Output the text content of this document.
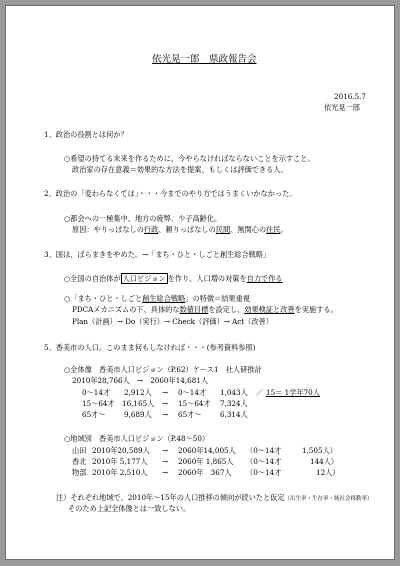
依光晃一郎　県政報告会
2016.5.7
依光晃一郎
1、政治の役割とは何か？
○希望の持てる未来を作るために、今やらなければならないことを示すこと。
政治家の存在意義＝効果的な方法を提案、もしくは評価できる人。
2、政治の「変わらなくては」・・・今までのやり方ではうまくいかなかった。
○都会への一極集中、地方の疲弊、少子高齢化。
原因：やりっぱなしの行政、頼りっぱなしの民間、無関心の住民。
3、国は、ばらまきをやめた。→「まち・ひと・しごと創生総合戦略」
○全国の自治体が 人口ビジョン を作り、人口増の対策を自力で作る
○「まち・ひと・しごと創生総合戦略」の特徴＝結果重視
PDCAメカニズムの下、具体的な数値目標を設定し、効果検証と改善を実施する。
Plan（計画）→ Do（実行）→ Check（評価）→ Act（改善）
5、香美市の人口。このまま何もしなければ・・・(参考資料参照)
○全体像　香美市人口ビジョン（P.62）ケース1　社人研推計
2010年28,766人　→　2060年14,681人
0～14才 2,912人 → 0～14才 1,043人
15～64才 16,165人 → 15～64才 7,324人
65才～	9,689人 → 65才～	6,314人
／ 15＝ 1学年70人
○地域別　香美市人口ビジョン（P.48～50）
山田 2010年20,589人 → 2060年14,005人 （0～14才	1,505人）
香北 2010年 5,177人 → 2060年 1,865人 （0～14才	144人）
物部 2010年 2,510人 → 2060年　367人 （0～14才	12人）
注）それぞれ地域で、2010年～15年の人口推移の傾向が続いたと仮定（出生率・生存率・純社会移動率）
そのため上記全体像とは一致しない。
